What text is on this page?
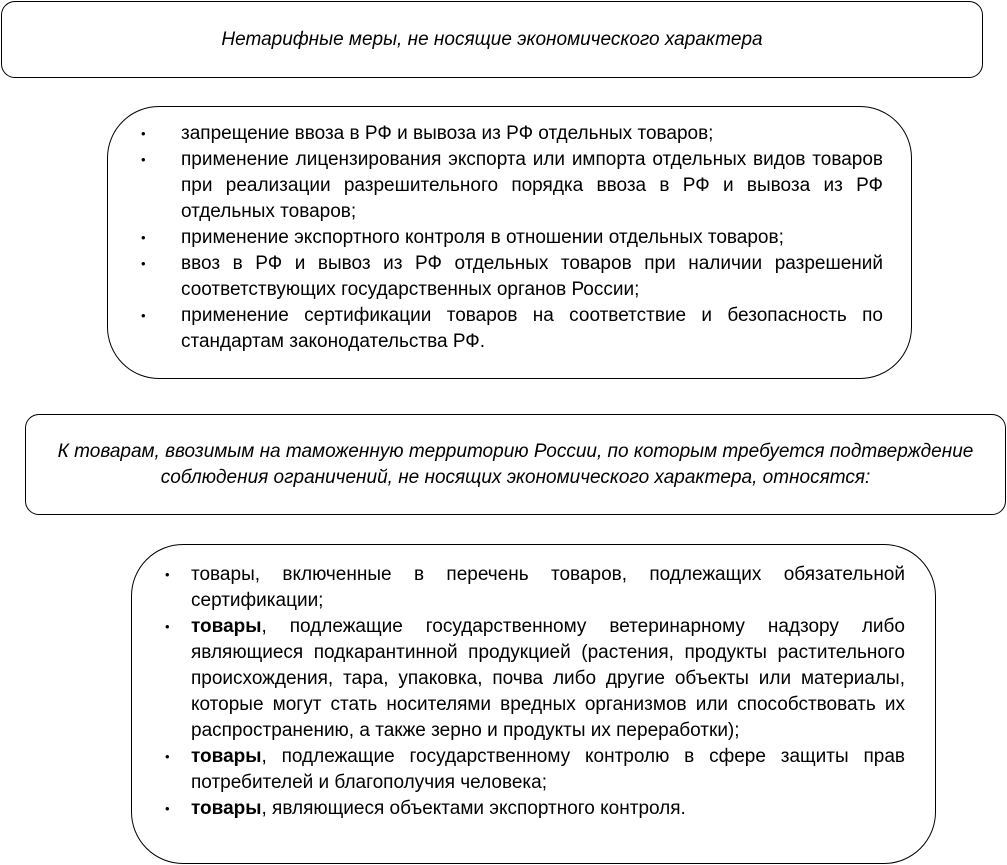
Нетарифные меры, не носящие экономического характера
• запрещение ввоза в РФ и вывоза из РФ отдельных товаров;
• применение лицензирования экспорта или импорта отдельных видов товаров при реализации разрешительного порядка ввоза в РФ и вывоза из РФ отдельных товаров;
• применение экспортного контроля в отношении отдельных товаров;
• ввоз в РФ и вывоз из РФ отдельных товаров при наличии разрешений соответствующих государственных органов России;
• применение сертификации товаров на соответствие и безопасность по стандартам законодательства РФ.
К товарам, ввозимым на таможенную территорию России, по которым требуется подтверждение соблюдения ограничений, не носящих экономического характера, относятся:
• товары, включенные в перечень товаров, подлежащих обязательной сертификации;
• товары, подлежащие государственному ветеринарному надзору либо являющиеся подкарантинной продукцией (растения, продукты растительного происхождения, тара, упаковка, почва либо другие объекты или материалы, которые могут стать носителями вредных организмов или способствовать их распространению, а также зерно и продукты их переработки);
• товары, подлежащие государственному контролю в сфере защиты прав потребителей и благополучия человека;
• товары, являющиеся объектами экспортного контроля.
